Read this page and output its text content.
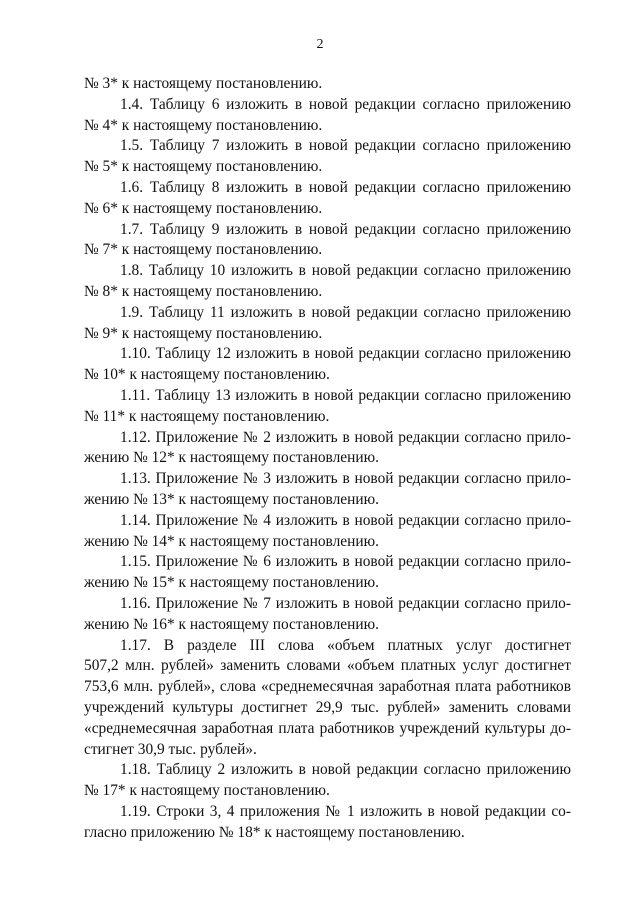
2
№ 3* к настоящему постановлению.
1.4. Таблицу 6 изложить в новой редакции согласно приложению
№ 4* к настоящему постановлению.
1.5. Таблицу 7 изложить в новой редакции согласно приложению
№ 5* к настоящему постановлению.
1.6. Таблицу 8 изложить в новой редакции согласно приложению
№ 6* к настоящему постановлению.
1.7. Таблицу 9 изложить в новой редакции согласно приложению
№ 7* к настоящему постановлению.
1.8. Таблицу 10 изложить в новой редакции согласно приложению
№ 8* к настоящему постановлению.
1.9. Таблицу 11 изложить в новой редакции согласно приложению
№ 9* к настоящему постановлению.
1.10. Таблицу 12 изложить в новой редакции согласно приложению
№ 10* к настоящему постановлению.
1.11. Таблицу 13 изложить в новой редакции согласно приложению
№ 11* к настоящему постановлению.
1.12. Приложение № 2 изложить в новой редакции согласно прило-
жению № 12* к настоящему постановлению.
1.13. Приложение № 3 изложить в новой редакции согласно прило-
жению № 13* к настоящему постановлению.
1.14. Приложение № 4 изложить в новой редакции согласно прило-
жению № 14* к настоящему постановлению.
1.15. Приложение № 6 изложить в новой редакции согласно прило-
жению № 15* к настоящему постановлению.
1.16. Приложение № 7 изложить в новой редакции согласно прило-
жению № 16* к настоящему постановлению.
1.17. В разделе III слова «объем платных услуг достигнет
507,2 млн. рублей» заменить словами «объем платных услуг достигнет
753,6 млн. рублей», слова «среднемесячная заработная плата работников
учреждений культуры достигнет 29,9 тыс. рублей» заменить словами
«среднемесячная заработная плата работников учреждений культуры до-
стигнет 30,9 тыс. рублей».
1.18. Таблицу 2 изложить в новой редакции согласно приложению
№ 17* к настоящему постановлению.
1.19. Строки 3, 4 приложения № 1 изложить в новой редакции со-
гласно приложению № 18* к настоящему постановлению.
